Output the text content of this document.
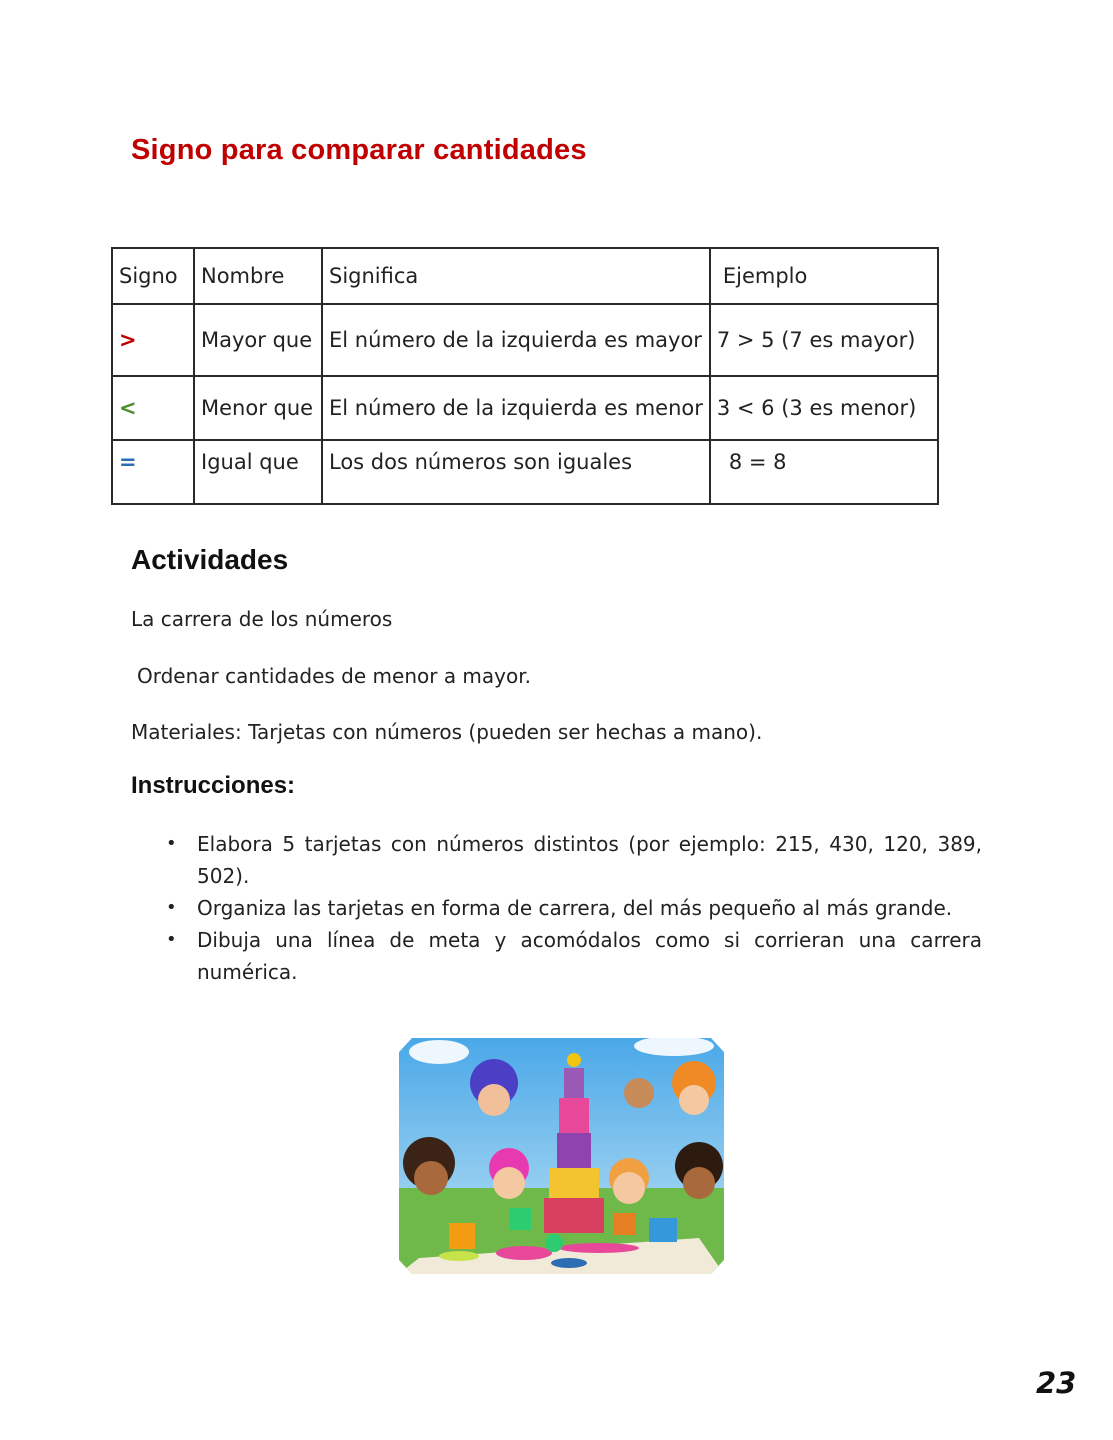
Signo para comparar cantidades
Signo	Nombre	Significa	Ejemplo
>	Mayor que	El número de la izquierda es mayor	7 > 5 (7 es mayor)
<	Menor que	El número de la izquierda es menor	3 < 6 (3 es menor)
=	Igual que	Los dos números son iguales	8 = 8
Actividades

La carrera de los números

Ordenar cantidades de menor a mayor.

Materiales: Tarjetas con números (pueden ser hechas a mano).

Instrucciones:
• Elabora 5 tarjetas con números distintos (por ejemplo: 215, 430, 120, 389, 502).
• Organiza las tarjetas en forma de carrera, del más pequeño al más grande.
• Dibuja una línea de meta y acomódalos como si corrieran una carrera numérica.
23
